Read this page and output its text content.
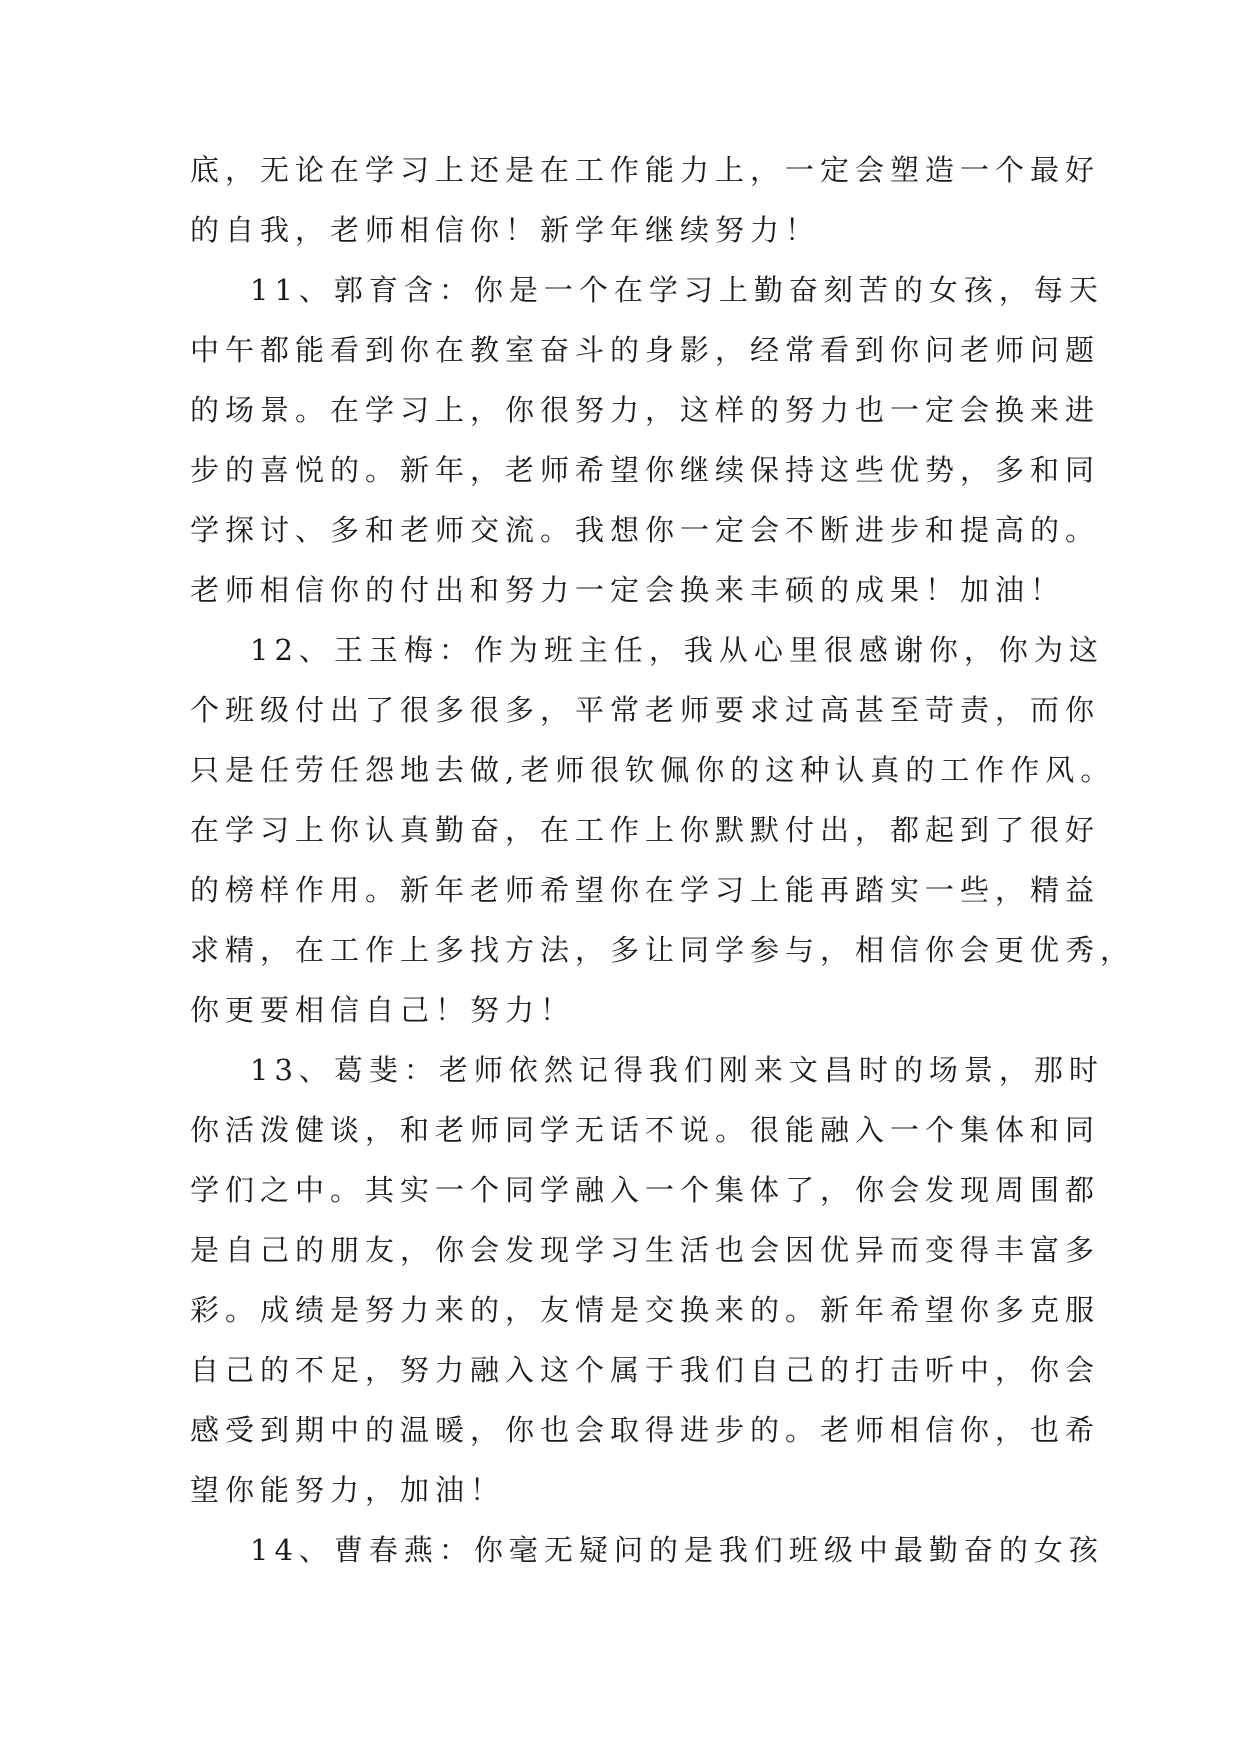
底，无论在学习上还是在工作能力上，一定会塑造一个最好
的自我，老师相信你！新学年继续努力！
11、郭育含：你是一个在学习上勤奋刻苦的女孩，每天
中午都能看到你在教室奋斗的身影，经常看到你问老师问题
的场景。在学习上，你很努力，这样的努力也一定会换来进
步的喜悦的。新年，老师希望你继续保持这些优势，多和同
学探讨、多和老师交流。我想你一定会不断进步和提高的。
老师相信你的付出和努力一定会换来丰硕的成果！加油！
12、王玉梅：作为班主任，我从心里很感谢你，你为这
个班级付出了很多很多，平常老师要求过高甚至苛责，而你
只是任劳任怨地去做,老师很钦佩你的这种认真的工作作风。
在学习上你认真勤奋，在工作上你默默付出，都起到了很好
的榜样作用。新年老师希望你在学习上能再踏实一些，精益
求精，在工作上多找方法，多让同学参与，相信你会更优秀，
你更要相信自己！努力！
13、葛斐：老师依然记得我们刚来文昌时的场景，那时
你活泼健谈，和老师同学无话不说。很能融入一个集体和同
学们之中。其实一个同学融入一个集体了，你会发现周围都
是自己的朋友，你会发现学习生活也会因优异而变得丰富多
彩。成绩是努力来的，友情是交换来的。新年希望你多克服
自己的不足，努力融入这个属于我们自己的打击听中，你会
感受到期中的温暖，你也会取得进步的。老师相信你，也希
望你能努力，加油！
14、曹春燕：你毫无疑问的是我们班级中最勤奋的女孩
